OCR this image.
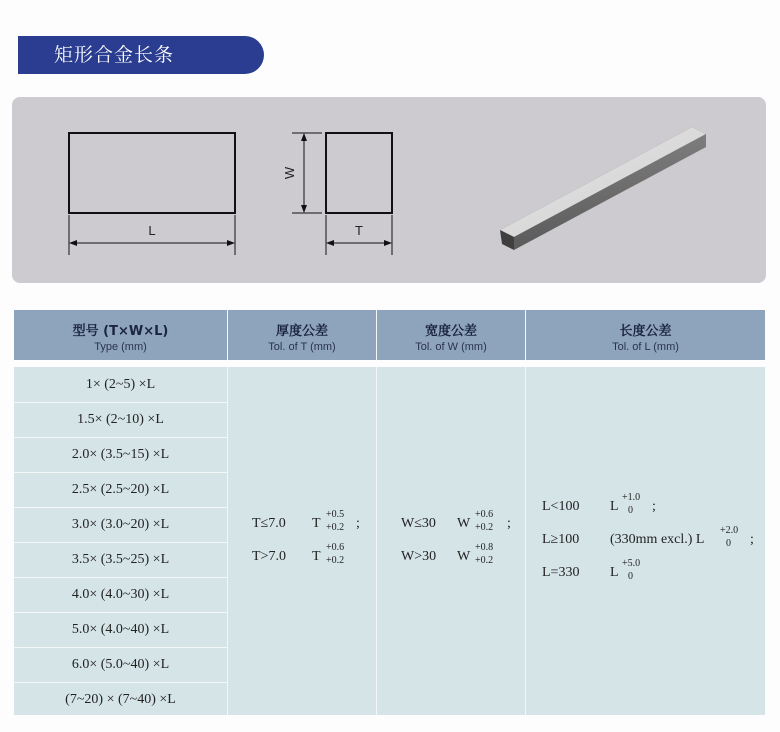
矩形合金长条
L
W
T
型号 (T×W×L)
Type (mm)
厚度公差
Tol. of T (mm)
宽度公差
Tol. of W (mm)
长度公差
Tol. of L (mm)
1× (2~5) ×L
1.5× (2~10) ×L
2.0× (3.5~15) ×L
2.5× (2.5~20) ×L
3.0× (3.0~20) ×L
3.5× (3.5~25) ×L
4.0× (4.0~30) ×L
5.0× (4.0~40) ×L
6.0× (5.0~40) ×L
(7~20) × (7~40) ×L
T≤7.0 T
+0.5
+0.2 ;
T>7.0 T
+0.6
+0.2
W≤30 W
+0.6
+0.2 ;
W>30 W
+0.8
+0.2
L<100 L
+1.0
0 ;
L≥100 (330mm excl.) L
+2.0
0 ;
L=330 L
+5.0
0
